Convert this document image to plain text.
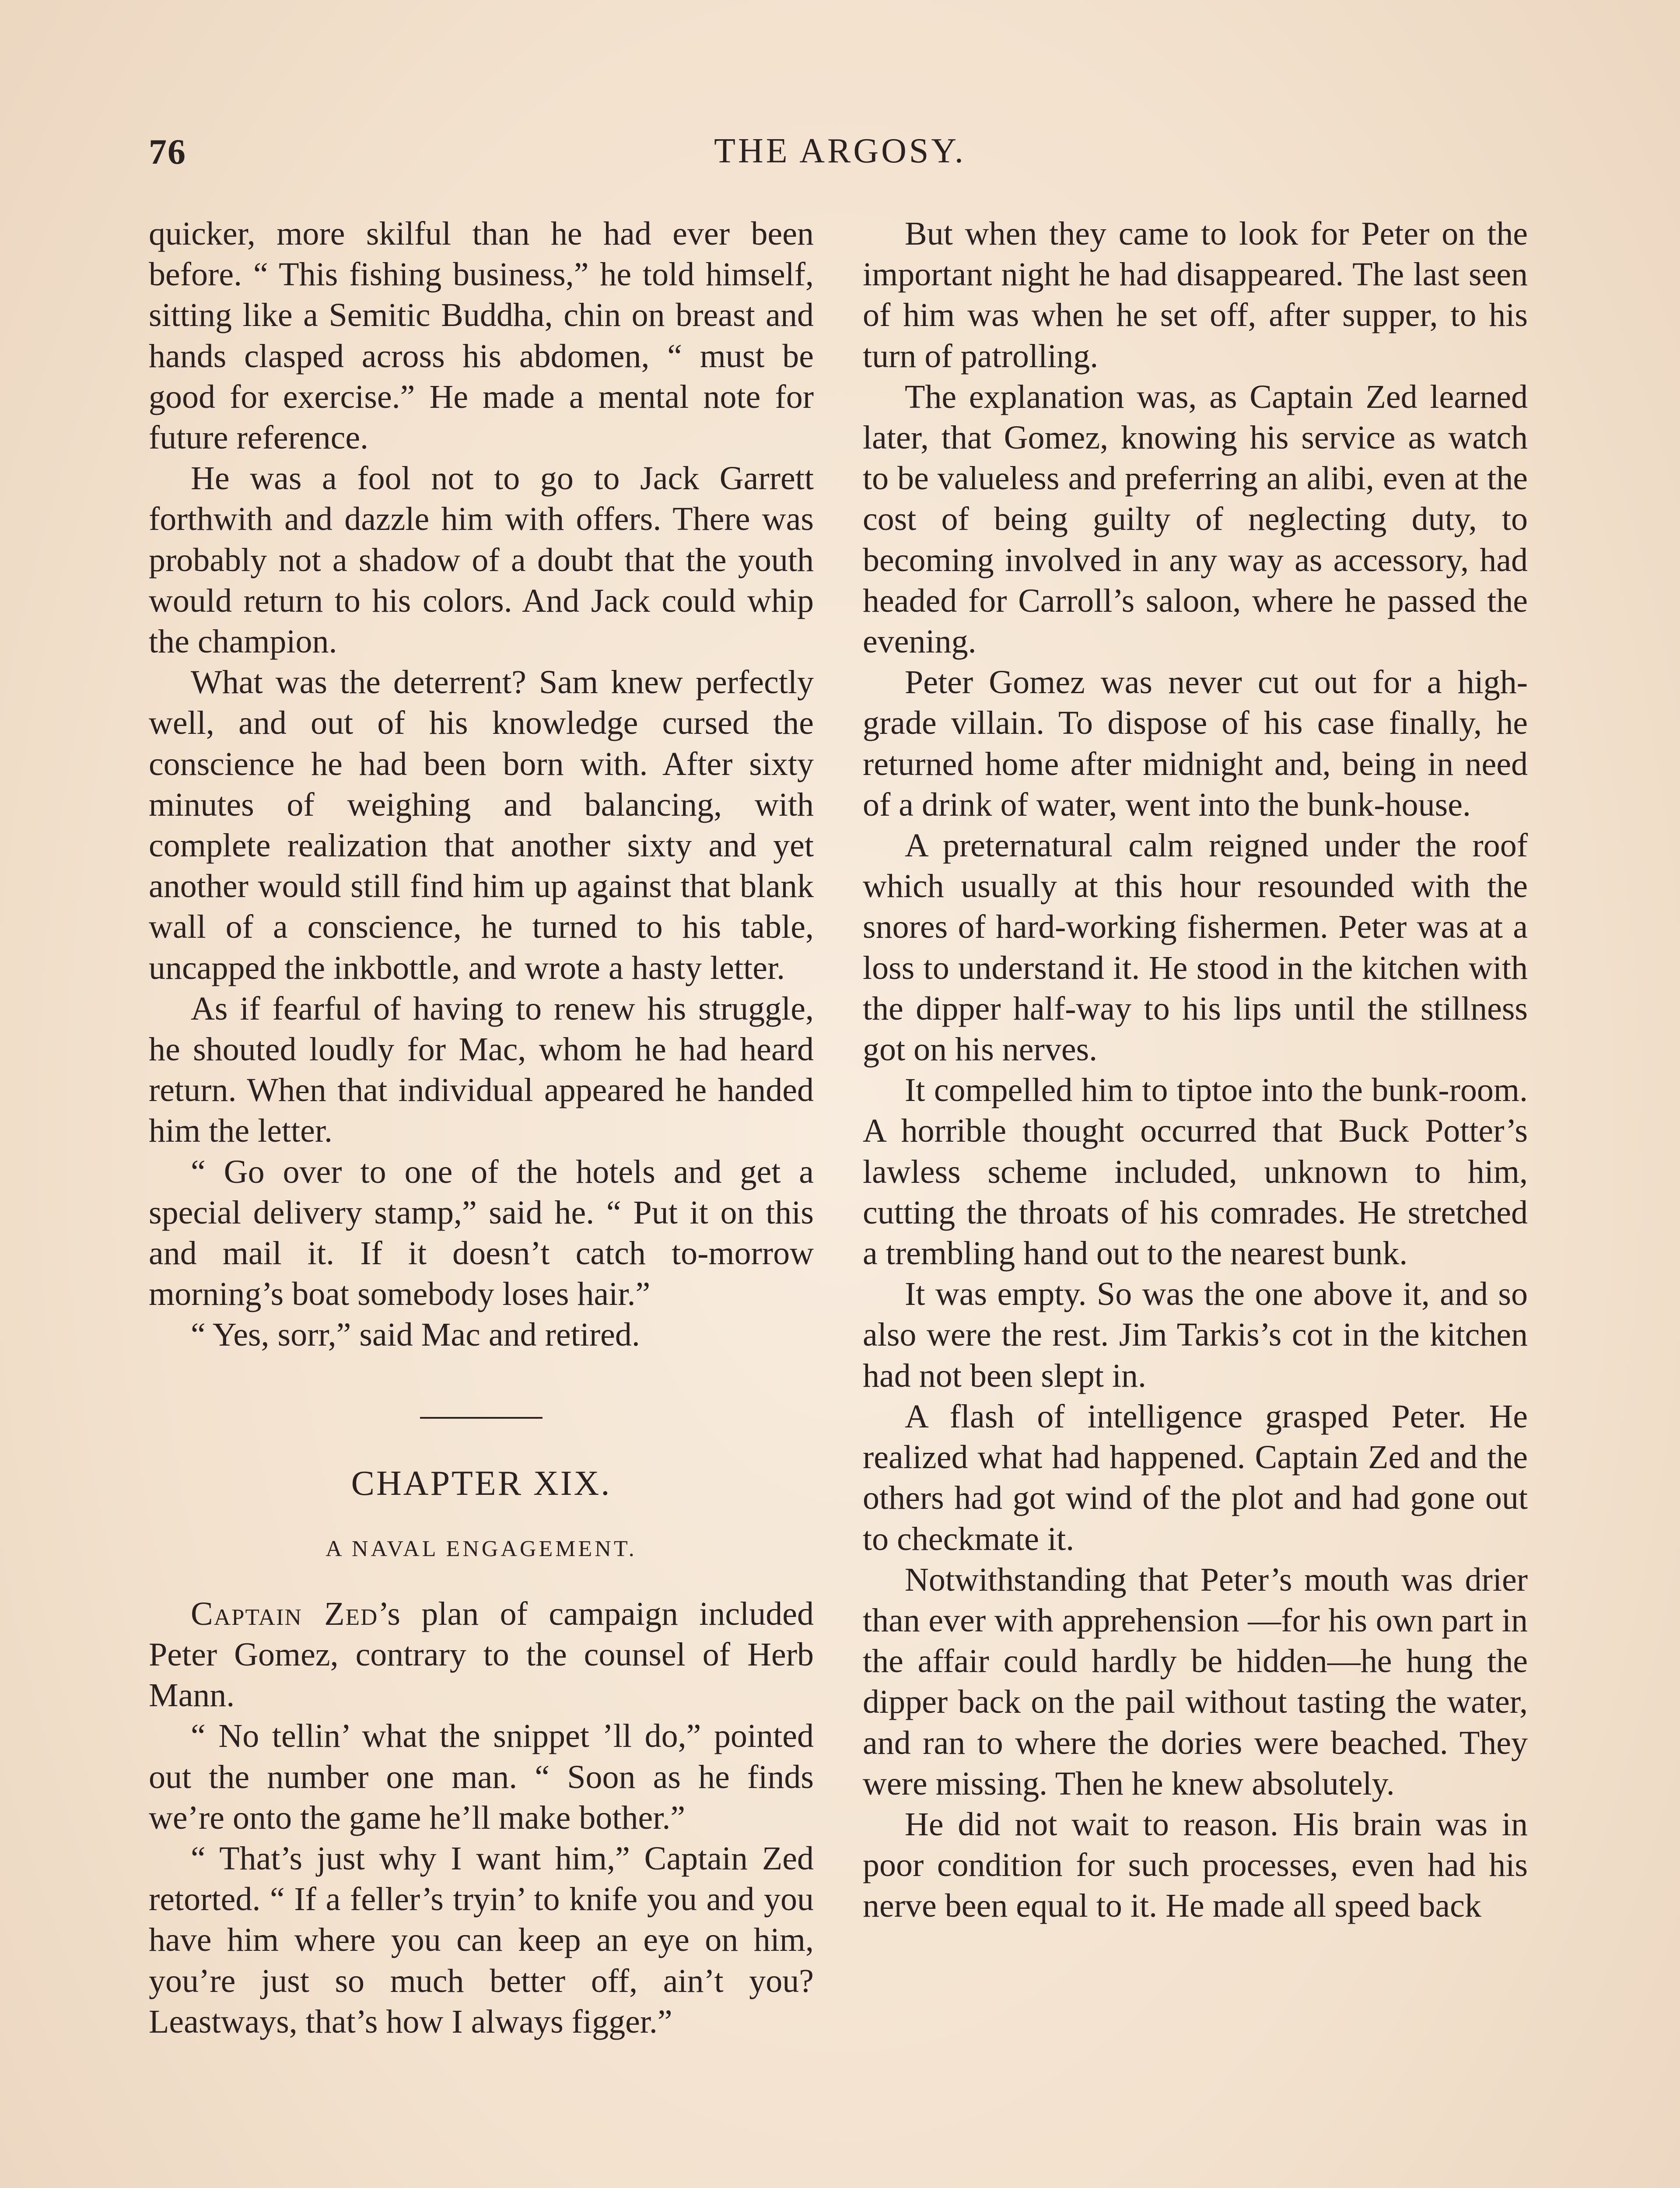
76	THE ARGOSY.

quicker, more skilful than he had ever been before. “ This fishing business,” he told himself, sitting like a Semitic Buddha, chin on breast and hands clasped across his abdomen, “ must be good for exercise.” He made a mental note for future reference.

He was a fool not to go to Jack Garrett forthwith and dazzle him with offers. There was probably not a shadow of a doubt that the youth would return to his colors. And Jack could whip the champion.

What was the deterrent? Sam knew perfectly well, and out of his knowledge cursed the conscience he had been born with. After sixty minutes of weighing and balancing, with complete realization that another sixty and yet another would still find him up against that blank wall of a conscience, he turned to his table, uncapped the inkbottle, and wrote a hasty letter.

As if fearful of having to renew his struggle, he shouted loudly for Mac, whom he had heard return. When that individual appeared he handed him the letter.

“ Go over to one of the hotels and get a special delivery stamp,” said he. “ Put it on this and mail it. If it doesn’t catch to-morrow morning’s boat somebody loses hair.”

“ Yes, sorr,” said Mac and retired.

CHAPTER XIX.
A NAVAL ENGAGEMENT.

Captain Zed’s plan of campaign included Peter Gomez, contrary to the counsel of Herb Mann.

“ No tellin’ what the snippet ’ll do,” pointed out the number one man. “ Soon as he finds we’re onto the game he’ll make bother.”

“ That’s just why I want him,” Captain Zed retorted. “ If a feller’s tryin’ to knife you and you have him where you can keep an eye on him, you’re just so much better off, ain’t you? Leastways, that’s how I always figger.”

But when they came to look for Peter on the important night he had disappeared. The last seen of him was when he set off, after supper, to his turn of patrolling.

The explanation was, as Captain Zed learned later, that Gomez, knowing his service as watch to be valueless and preferring an alibi, even at the cost of being guilty of neglecting duty, to becoming involved in any way as accessory, had headed for Carroll’s saloon, where he passed the evening.

Peter Gomez was never cut out for a high-grade villain. To dispose of his case finally, he returned home after midnight and, being in need of a drink of water, went into the bunk-house.

A preternatural calm reigned under the roof which usually at this hour resounded with the snores of hard-working fishermen. Peter was at a loss to understand it. He stood in the kitchen with the dipper half-way to his lips until the stillness got on his nerves.

It compelled him to tiptoe into the bunk-room. A horrible thought occurred that Buck Potter’s lawless scheme included, unknown to him, cutting the throats of his comrades. He stretched a trembling hand out to the nearest bunk.

It was empty. So was the one above it, and so also were the rest. Jim Tarkis’s cot in the kitchen had not been slept in.

A flash of intelligence grasped Peter. He realized what had happened. Captain Zed and the others had got wind of the plot and had gone out to checkmate it.

Notwithstanding that Peter’s mouth was drier than ever with apprehension —for his own part in the affair could hardly be hidden—he hung the dipper back on the pail without tasting the water, and ran to where the dories were beached. They were missing. Then he knew absolutely.

He did not wait to reason. His brain was in poor condition for such processes, even had his nerve been equal to it. He made all speed back
